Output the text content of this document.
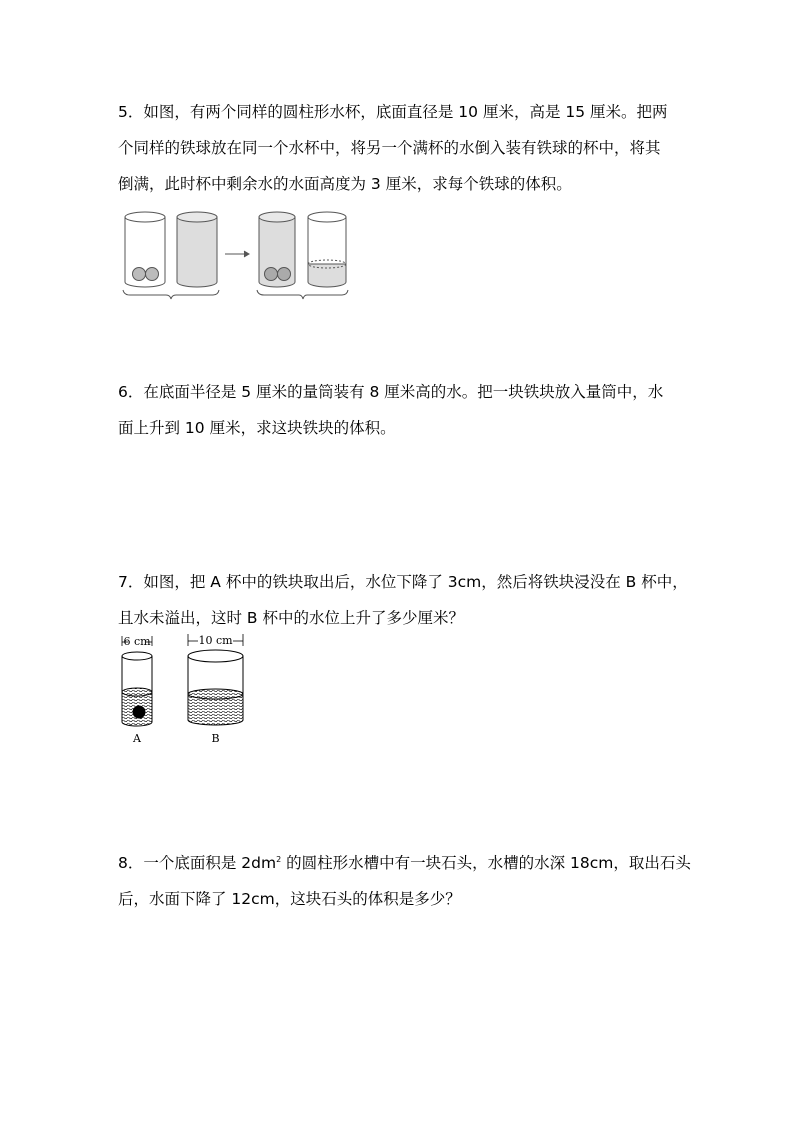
5．如图，有两个同样的圆柱形水杯，底面直径是 10 厘米，高是 15 厘米。把两

个同样的铁球放在同一个水杯中，将另一个满杯的水倒入装有铁球的杯中，将其

倒满，此时杯中剩余水的水面高度为 3 厘米，求每个铁球的体积。

6．在底面半径是 5 厘米的量筒装有 8 厘米高的水。把一块铁块放入量筒中，水

面上升到 10 厘米，求这块铁块的体积。

7．如图，把 A 杯中的铁块取出后，水位下降了 3cm，然后将铁块浸没在 B 杯中，

且水未溢出，这时 B 杯中的水位上升了多少厘米？

6 cm
A
10 cm
B

8．一个底面积是 $2dm^2$ 的圆柱形水槽中有一块石头，水槽的水深 18cm，取出石头

后，水面下降了 12cm，这块石头的体积是多少？
